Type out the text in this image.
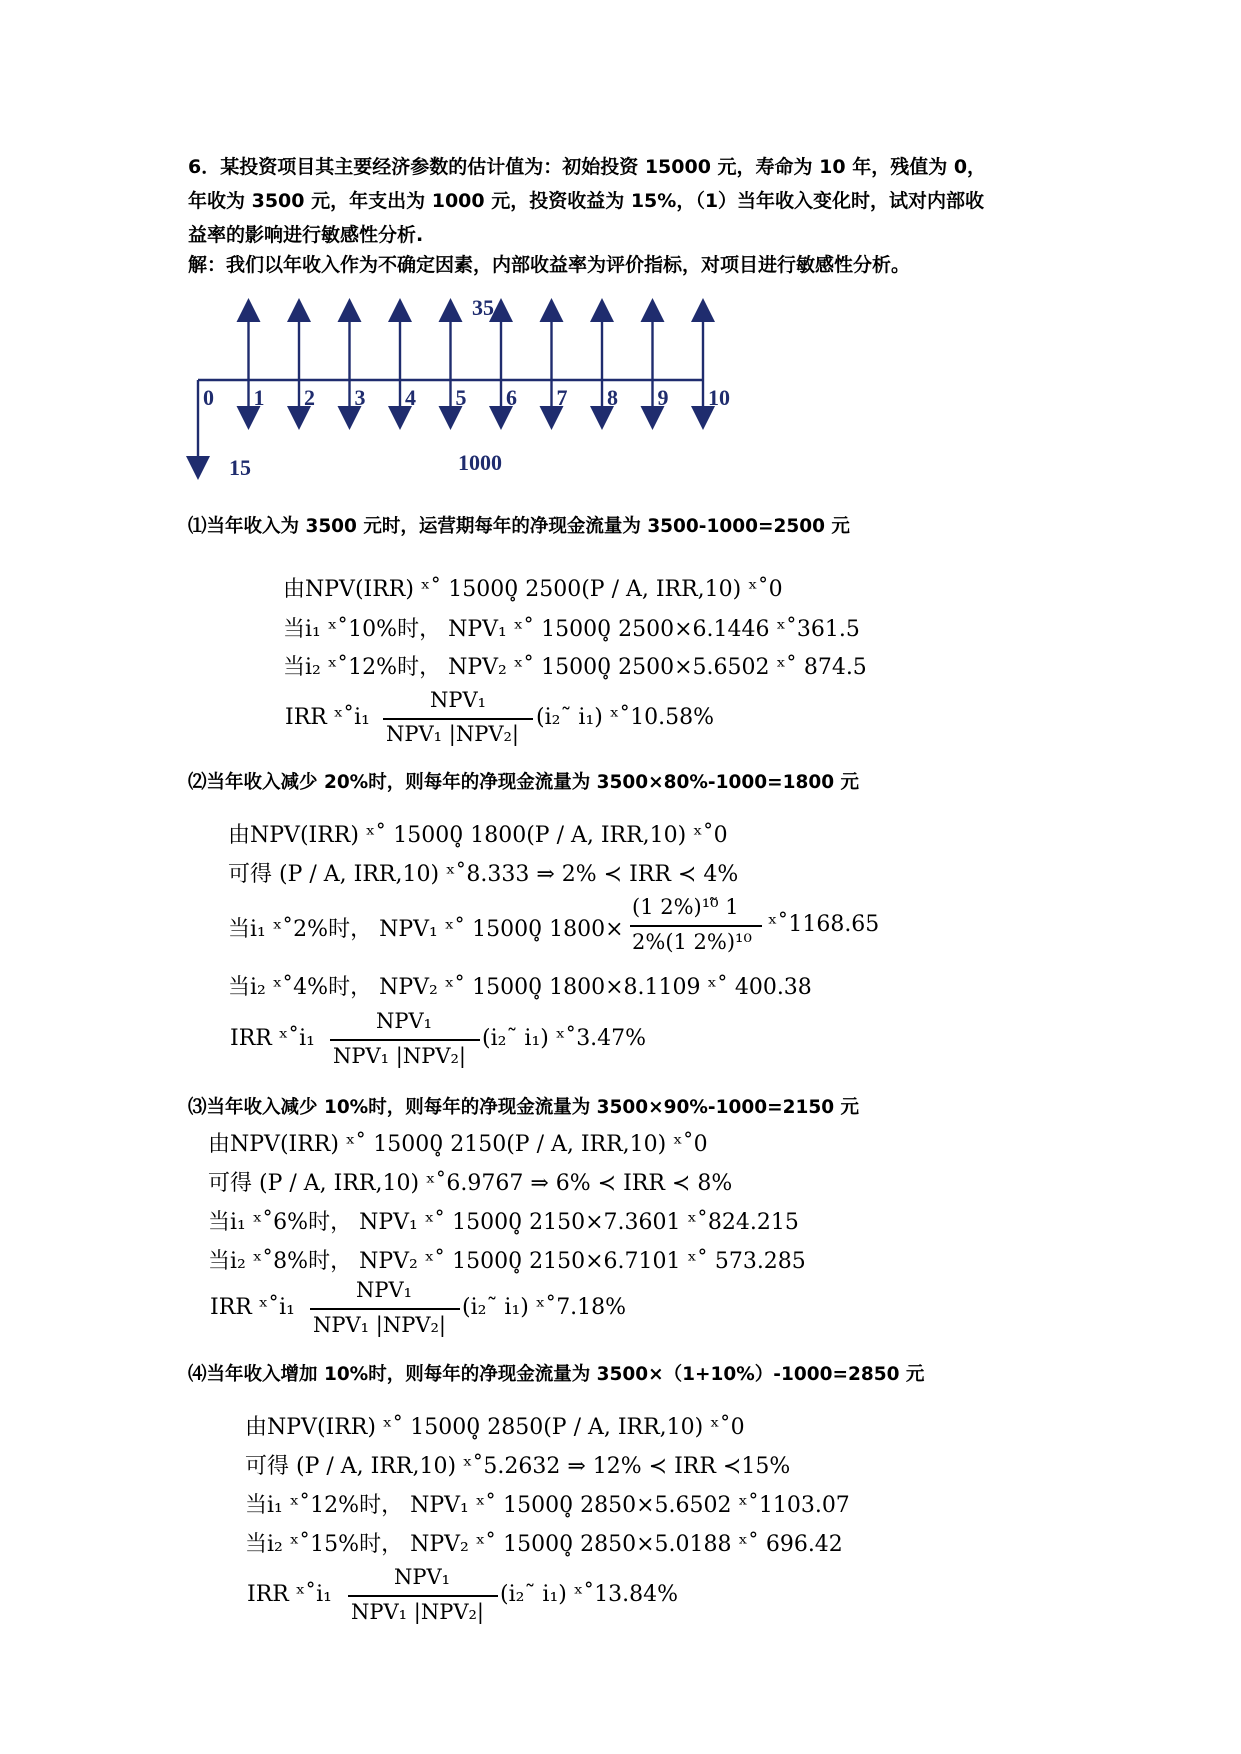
6．某投资项目其主要经济参数的估计值为：初始投资 15000 元，寿命为 10 年，残值为 0，
年收为 3500 元，年支出为 1000 元，投资收益为 15%，（1）当年收入变化时，试对内部收
益率的影响进行敏感性分析.
解：我们以年收入作为不确定因素，内部收益率为评价指标，对项目进行敏感性分析。
35
15	1000
0 1 2 3 4 5 6 7 8 9 10
⑴当年收入为 3500 元时，运营期每年的净现金流量为 3500-1000=2500 元
由NPV(IRR) ˣ˚ 15000̥ 2500(P / A, IRR,10) ˣ˚0
当i₁ ˣ˚10%时， NPV₁ ˣ˚ 15000̥ 2500×6.1446 ˣ˚361.5
当i₂ ˣ˚12%时， NPV₂ ˣ˚ 15000̥ 2500×5.6502 ˣ˚ 874.5
IRR ˣ˚i₁
NPV₁
NPV₁ |NPV₂|
(i₂˜ i₁) ˣ˚10.58%
⑵当年收入减少 20%时，则每年的净现金流量为 3500×80%-1000=1800 元
由NPV(IRR) ˣ˚ 15000̥ 1800(P / A, IRR,10) ˣ˚0
可得 (P / A, IRR,10) ˣ˚8.333 ⇒ 2% ≺ IRR ≺ 4%
当i₁ ˣ˚2%时， NPV₁ ˣ˚ 15000̥ 1800×
(1 2%)¹⁰̃ 1
2%(1 2%)¹⁰
ˣ˚1168.65
当i₂ ˣ˚4%时， NPV₂ ˣ˚ 15000̥ 1800×8.1109 ˣ˚ 400.38
IRR ˣ˚i₁
NPV₁
NPV₁ |NPV₂|
(i₂˜ i₁) ˣ˚3.47%
⑶当年收入减少 10%时，则每年的净现金流量为 3500×90%-1000=2150 元
由NPV(IRR) ˣ˚ 15000̥ 2150(P / A, IRR,10) ˣ˚0
可得 (P / A, IRR,10) ˣ˚6.9767 ⇒ 6% ≺ IRR ≺ 8%
当i₁ ˣ˚6%时， NPV₁ ˣ˚ 15000̥ 2150×7.3601 ˣ˚824.215
当i₂ ˣ˚8%时， NPV₂ ˣ˚ 15000̥ 2150×6.7101 ˣ˚ 573.285
IRR ˣ˚i₁
NPV₁
NPV₁ |NPV₂|
(i₂˜ i₁) ˣ˚7.18%
⑷当年收入增加 10%时，则每年的净现金流量为 3500×（1+10%）-1000=2850 元
由NPV(IRR) ˣ˚ 15000̥ 2850(P / A, IRR,10) ˣ˚0
可得 (P / A, IRR,10) ˣ˚5.2632 ⇒ 12% ≺ IRR ≺15%
当i₁ ˣ˚12%时， NPV₁ ˣ˚ 15000̥ 2850×5.6502 ˣ˚1103.07
当i₂ ˣ˚15%时， NPV₂ ˣ˚ 15000̥ 2850×5.0188 ˣ˚ 696.42
IRR ˣ˚i₁
NPV₁
NPV₁ |NPV₂|
(i₂˜ i₁) ˣ˚13.84%
